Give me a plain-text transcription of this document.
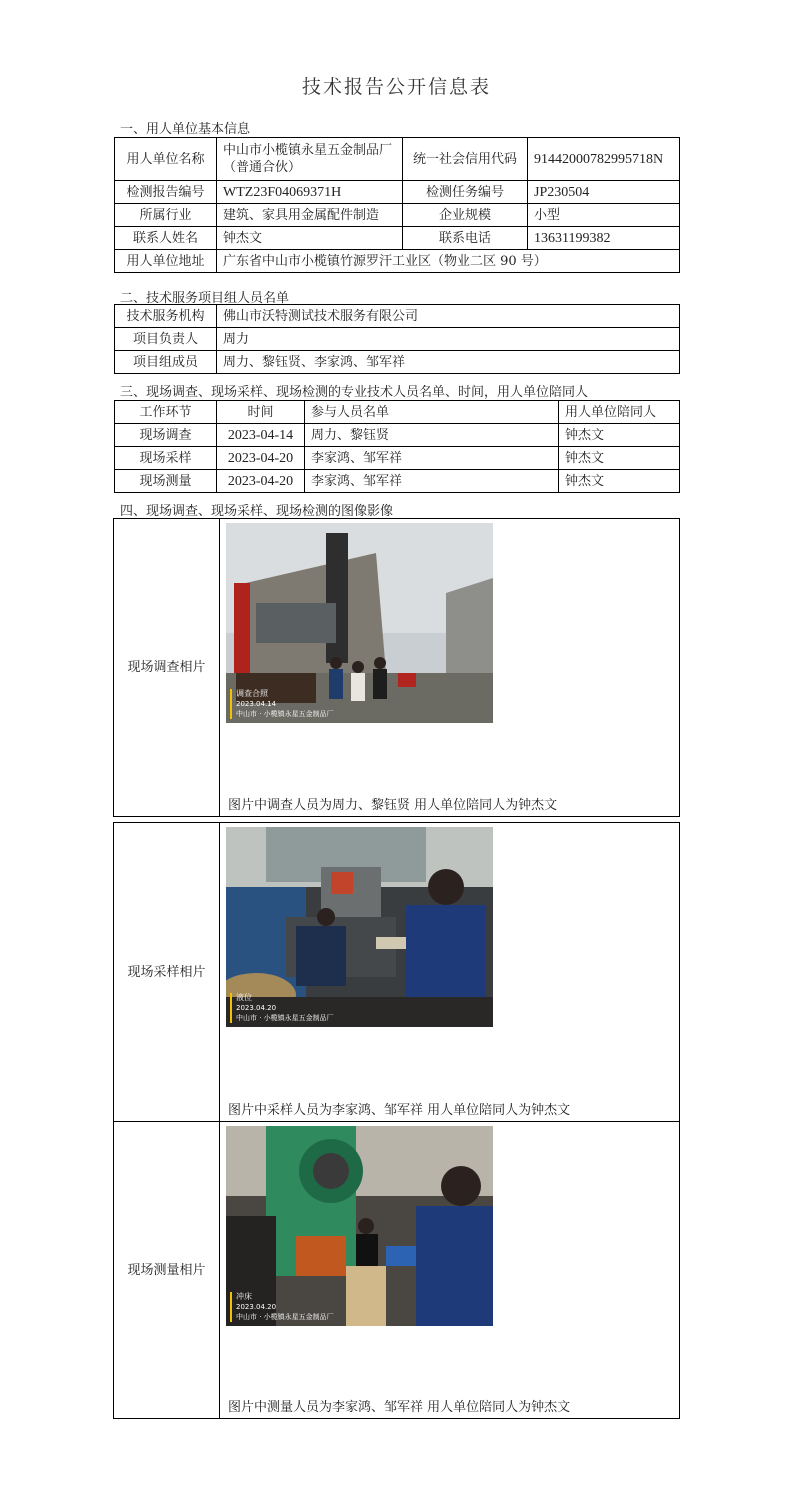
技术报告公开信息表
一、用人单位基本信息
用人单位名称	中山市小榄镇永星五金制品厂（普通合伙）	统一社会信用代码	91442000782995718N
检测报告编号	WTZ23F04069371H	检测任务编号	JP230504
所属行业	建筑、家具用金属配件制造	企业规模	小型
联系人姓名	钟杰文	联系电话	13631199382
用人单位地址	广东省中山市小榄镇竹源罗汗工业区（物业二区 90 号）		
二、技术服务项目组人员名单
技术服务机构	佛山市沃特测试技术服务有限公司
项目负责人	周力
项目组成员	周力、黎钰贤、李家鸿、邹军祥
三、现场调查、现场采样、现场检测的专业技术人员名单、时间，用人单位陪同人
工作环节	时间	参与人员名单	用人单位陪同人
现场调查	2023-04-14	周力、黎钰贤	钟杰文
现场采样	2023-04-20	李家鸿、邹军祥	钟杰文
现场测量	2023-04-20	李家鸿、邹军祥	钟杰文
四、现场调查、现场采样、现场检测的图像影像
现场调查相片	
调查合照
2023.04.14
中山市 · 小榄镇永星五金制品厂
图片中调查人员为周力、黎钰贤 用人单位陪同人为钟杰文
现场采样相片	液位
2023.04.20
中山市 · 小榄镇永星五金制品厂
图片中采样人员为李家鸿、邹军祥 用人单位陪同人为钟杰文

现场测量相片	冲床
2023.04.20
中山市 · 小榄镇永星五金制品厂
图片中测量人员为李家鸿、邹军祥 用人单位陪同人为钟杰文
